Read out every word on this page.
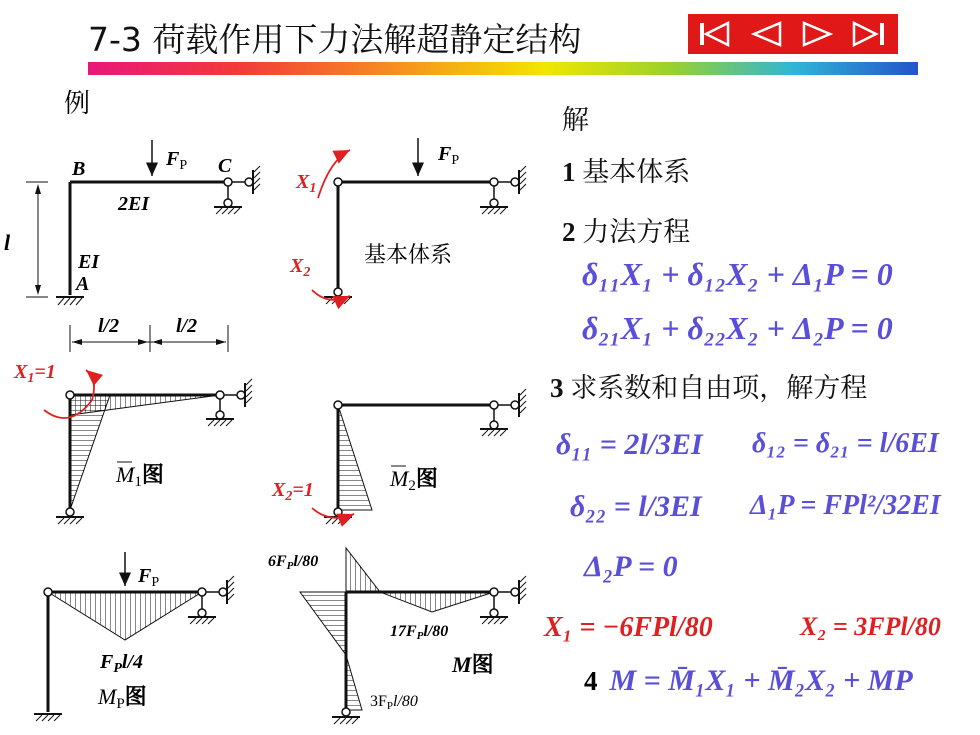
7-3 荷载作用下力法解超静定结构
B	C
A
$F_P$
2EI
EI
l
l/2	l/2
$X_1$
$X_2$
$F_P$
基本体系
$X_1=1$
M1图
$X_2=1$	M2图
$F_P$
$F_Pl/4$
MP图
6FPl/80
17FPl/80
3FPl/80
M图
例
解
1 基本体系
2 力法方程
δ₁₁X₁ + δ₁₂X₂ + Δ₁P = 0
δ₂₁X₁ + δ₂₂X₂ + Δ₂P = 0
3 求系数和自由项，解方程
δ₁₁ = 2l/3EI δ₁₂ = δ₂₁ = l/6EI
δ₂₂ = l/3EI Δ₁P = FPl²/32EI
Δ₂P = 0
X₁ = −6FPl/80	X₂ = 3FPl/80
4 M = M̄₁X₁ + M̄₂X₂ + MP
